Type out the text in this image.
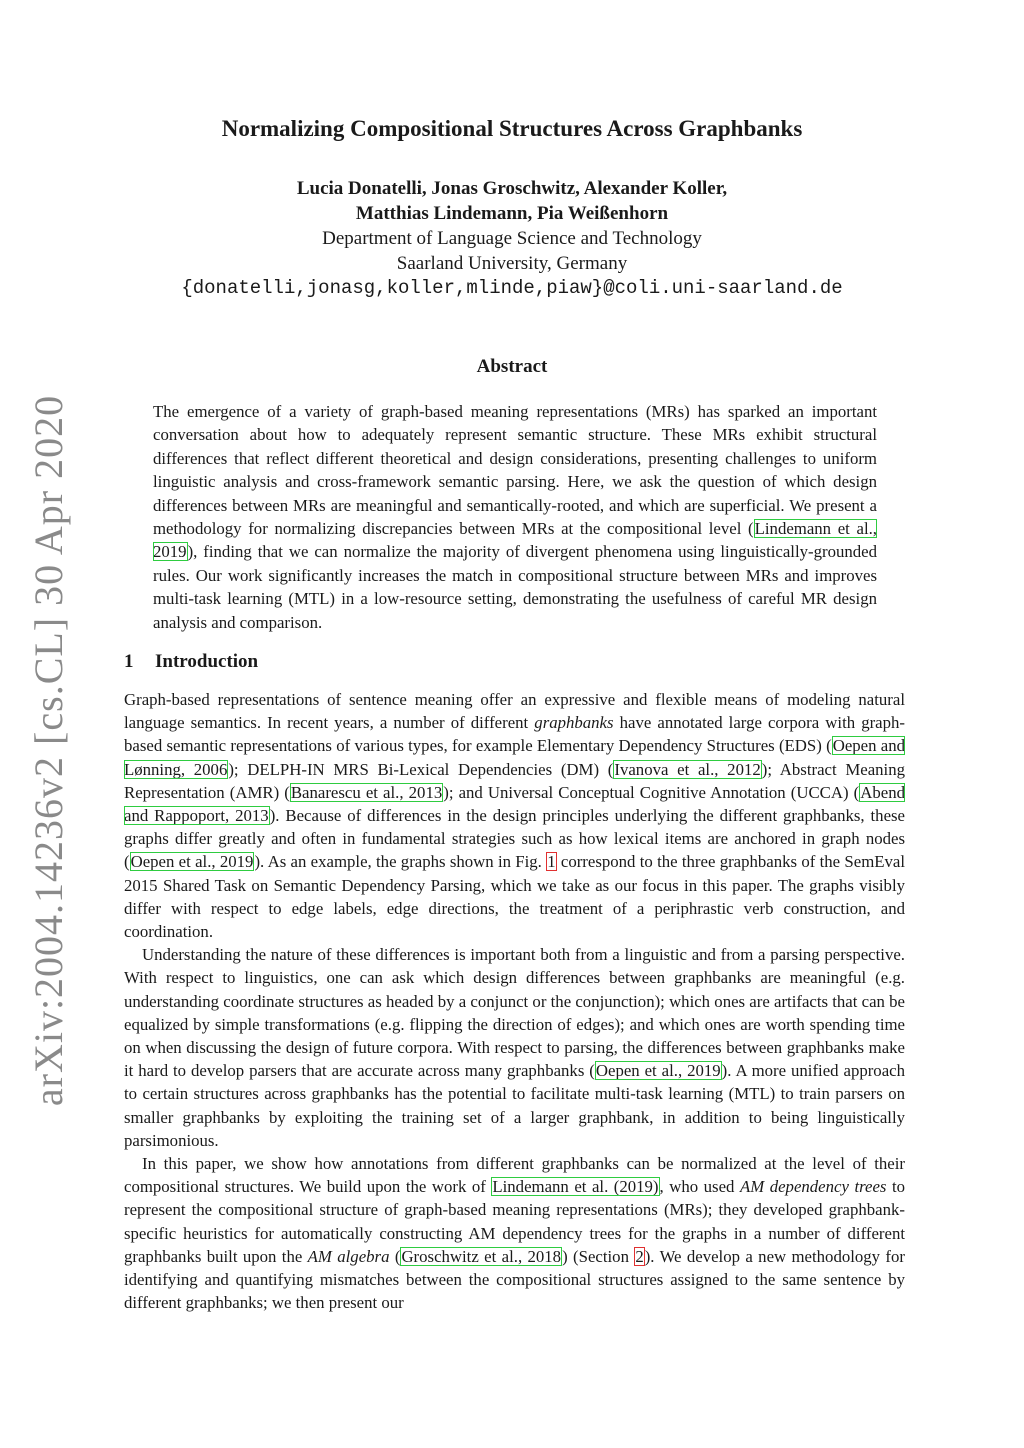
arXiv:2004.14236v2 [cs.CL] 30 Apr 2020
Normalizing Compositional Structures Across Graphbanks
Lucia Donatelli, Jonas Groschwitz, Alexander Koller,
Matthias Lindemann, Pia Weißenhorn
Department of Language Science and Technology
Saarland University, Germany
{donatelli,jonasg,koller,mlinde,piaw}@coli.uni-saarland.de
Abstract

The emergence of a variety of graph-based meaning representations (MRs) has sparked an important conversation about how to adequately represent semantic structure. These MRs exhibit structural differences that reflect different theoretical and design considerations, presenting challenges to uniform linguistic analysis and cross-framework semantic parsing. Here, we ask the question of which design differences between MRs are meaningful and semantically-rooted, and which are superficial. We present a methodology for normalizing discrepancies between MRs at the compositional level (Lindemann et al., 2019), finding that we can normalize the majority of divergent phenomena using linguistically-grounded rules. Our work significantly increases the match in compositional structure between MRs and improves multi-task learning (MTL) in a low-resource setting, demonstrating the usefulness of careful MR design analysis and comparison.

1 Introduction

Graph-based representations of sentence meaning offer an expressive and flexible means of modeling natural language semantics. In recent years, a number of different graphbanks have annotated large corpora with graph-based semantic representations of various types, for example Elementary Dependency Structures (EDS) (Oepen and Lønning, 2006); DELPH-IN MRS Bi-Lexical Dependencies (DM) (Ivanova et al., 2012); Abstract Meaning Representation (AMR) (Banarescu et al., 2013); and Universal Conceptual Cognitive Annotation (UCCA) (Abend and Rappoport, 2013). Because of differences in the design principles underlying the different graphbanks, these graphs differ greatly and often in fundamental strategies such as how lexical items are anchored in graph nodes (Oepen et al., 2019). As an example, the graphs shown in Fig. 1 correspond to the three graphbanks of the SemEval 2015 Shared Task on Semantic Dependency Parsing, which we take as our focus in this paper. The graphs visibly differ with respect to edge labels, edge directions, the treatment of a periphrastic verb construction, and coordination.

Understanding the nature of these differences is important both from a linguistic and from a parsing perspective. With respect to linguistics, one can ask which design differences between graphbanks are meaningful (e.g. understanding coordinate structures as headed by a conjunct or the conjunction); which ones are artifacts that can be equalized by simple transformations (e.g. flipping the direction of edges); and which ones are worth spending time on when discussing the design of future corpora. With respect to parsing, the differences between graphbanks make it hard to develop parsers that are accurate across many graphbanks (Oepen et al., 2019). A more unified approach to certain structures across graphbanks has the potential to facilitate multi-task learning (MTL) to train parsers on smaller graphbanks by exploiting the training set of a larger graphbank, in addition to being linguistically parsimonious.

In this paper, we show how annotations from different graphbanks can be normalized at the level of their compositional structures. We build upon the work of Lindemann et al. (2019), who used AM dependency trees to represent the compositional structure of graph-based meaning representations (MRs); they developed graphbank-specific heuristics for automatically constructing AM dependency trees for the graphs in a number of different graphbanks built upon the AM algebra (Groschwitz et al., 2018) (Section 2). We develop a new methodology for identifying and quantifying mismatches between the compositional structures assigned to the same sentence by different graphbanks; we then present our
